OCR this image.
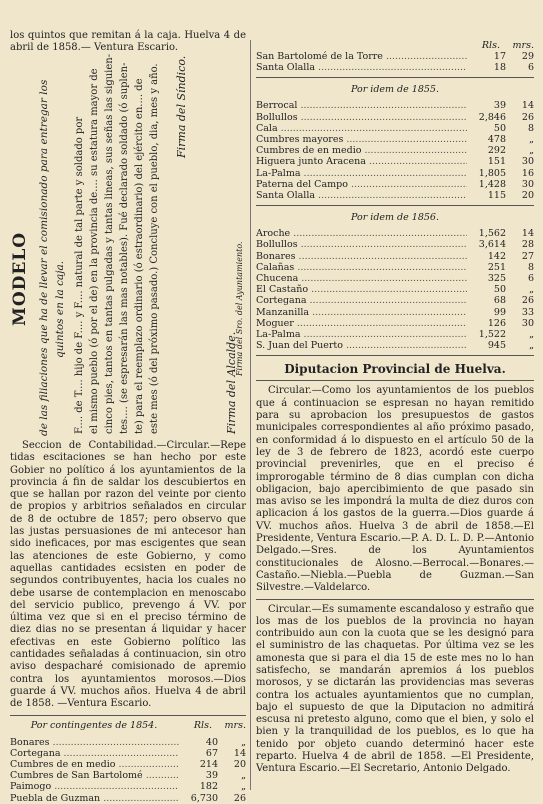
los quintos que remitan á la caja. Huelva 4 de abril de 1858.— Ventura Escario.

MODELO de las filiaciones que ha de llevar el comisionado para entregar los quintos en la caja. F.... de T.... hijo de F.... y F.... natural de tal parte y soldado por el mismo pueblo (ó por el de) en la provincia de.... su estatura mayor de cinco pies, tantos en tantas pulgadas y tantas lineas, sus señas las siguien- tes.... (se espresarán las mas notables). Fué declarado soldado (ó suplen- te) para el reemplazo ordinario (ó estraordinario) del ejército en.... de este mes (ó del próximo pasado.) Concluye con el pueblo, dia, mes y año. Firma del Síndico.
Firma del Alcalde.
Firma del Sro. del Ayuntamiento.

Seccion de Contabilidad.—Circular.—Repe tidas escitaciones se han hecho por este Gobier no político á los ayuntamientos de la provincia á fin de saldar los descubiertos en que se hallan por razon del veinte por ciento de propios y arbitrios señalados en circular de 8 de octubre de 1857; pero observo que las justas persuasiones de mi antecesor han sido ineficaces, por mas escigentes que sean las atenciones de este Gobierno, y como aquellas cantidades ecsisten en poder de segundos contribuyentes, hacia los cuales no debe usarse de contemplacion en menoscabo del servicio publico, prevengo á VV. por última vez que si en el preciso término de diez dias no se presentan á liquidar y hacer efectivas en este Gobierno político las cantidades señaladas á continuacion, sin otro aviso despacharé comisionado de apremio contra los ayuntamientos morosos.—Dios guarde á VV. muchos años. Huelva 4 de abril de 1858. —Ventura Escario.

Por contingentes de 1854.	Rls.	mrs.
Bonares .....	40	„
Cortegana .....	67	14
Cumbres de en medio .....	214	20
Cumbres de San Bartolomé .....	39	„
Paimogo .....	182	„
Puebla de Guzman .....	6,730	26
Rls.	mrs.
San Bartolomé de la Torre .....	17	29
Santa Olalla .....	18	6
Por idem de 1855.
Berrocal .....	39	14
Bollullos .....	2,846	26
Cala .....	50	8
Cumbres mayores .....	478	„
Cumbres de en medio .....	292	„
Higuera junto Aracena .....	151	30
La-Palma .....	1,805	16
Paterna del Campo .....	1,428	30
Santa Olalla .....	115	20
Por idem de 1856.
Aroche .....	1,562	14
Bollullos .....	3,614	28
Bonares .....	142	27
Calañas .....	251	8
Chucena .....	325	6
El Castaño .....	50	„
Cortegana .....	68	26
Manzanilla .....	99	33
Moguer .....	126	30
La-Palma .....	1,522	„
S. Juan del Puerto .....	945	„
Diputacion Provincial de Huelva.

Circular.—Como los ayuntamientos de los pueblos que á continuacion se espresan no hayan remitido para su aprobacion los presupuestos de gastos municipales correspondientes al año próximo pasado, en conformidad á lo dispuesto en el artículo 50 de la ley de 3 de febrero de 1823, acordó este cuerpo provincial prevenirles, que en el preciso é improrogable término de 8 dias cumplan con dicha obligacion, bajo apercibimiento de que pasado sin mas aviso se les impondrá la multa de diez duros con aplicacion á los gastos de la guerra.—Dios guarde á VV. muchos años. Huelva 3 de abril de 1858.—El Presidente, Ventura Escario.—P. A. D. L. D. P.—Antonio Delgado.—Sres. de los Ayuntamientos constitucionales de Alosno.—Berrocal.—Bonares.—Castaño.—Niebla.—Puebla de Guzman.—San Silvestre.—Valdelarco.

Circular.—Es sumamente escandaloso y estraño que los mas de los pueblos de la provincia no hayan contribuido aun con la cuota que se les designó para el suministro de las chaquetas. Por última vez se les amonesta que si para el dia 15 de este mes no lo han satisfecho, se mandarán apremios á los pueblos morosos, y se dictarán las providencias mas severas contra los actuales ayuntamientos que no cumplan, bajo el supuesto de que la Diputacion no admitirá escusa ni pretesto alguno, como que el bien, y solo el bien y la tranquilidad de los pueblos, es lo que ha tenido por objeto cuando determinó hacer este reparto. Huelva 4 de abril de 1858. —El Presidente, Ventura Escario.—El Secretario, Antonio Delgado.
